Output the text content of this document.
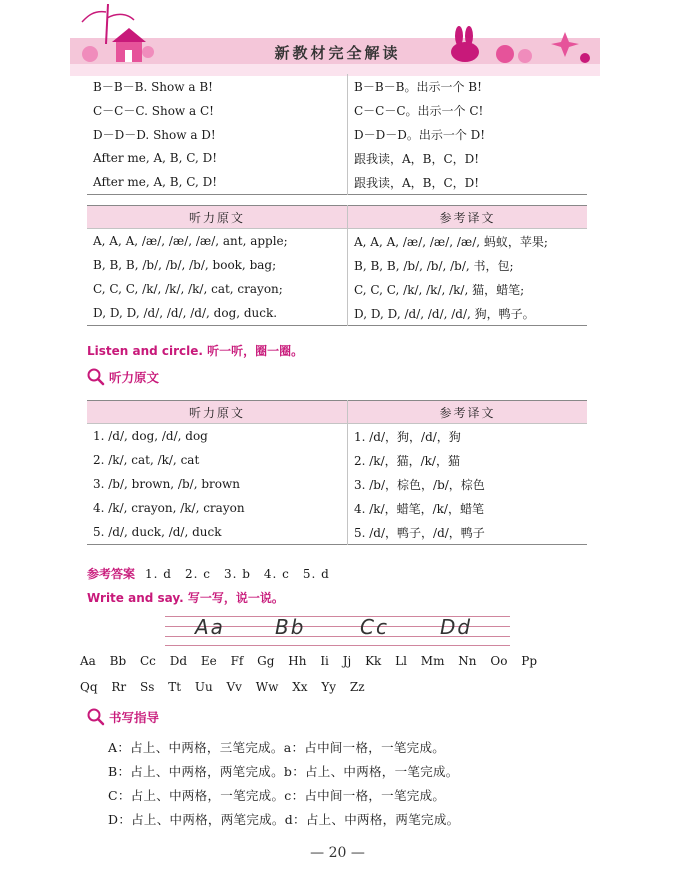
新教材完全解读
B－B－B. Show a B!	B－B－B。出示一个 B!
C－C－C. Show a C!	C－C－C。出示一个 C!
D－D－D. Show a D!	D－D－D。出示一个 D!
After me, A, B, C, D!	跟我读，A，B，C，D!
After me, A, B, C, D!	跟我读，A，B，C，D!
听力原文	参考译文
A, A, A, /æ/, /æ/, /æ/, ant, apple;	A, A, A, /æ/, /æ/, /æ/, 蚂蚁，苹果;
B, B, B, /b/, /b/, /b/, book, bag;	B, B, B, /b/, /b/, /b/, 书，包;
C, C, C, /k/, /k/, /k/, cat, crayon;	C, C, C, /k/, /k/, /k/, 猫，蜡笔;
D, D, D, /d/, /d/, /d/, dog, duck.	D, D, D, /d/, /d/, /d/, 狗，鸭子。
Listen and circle. 听一听，圈一圈。
听力原文
听力原文	参考译文
1. /d/, dog, /d/, dog	1. /d/，狗，/d/，狗
2. /k/, cat, /k/, cat	2. /k/，猫，/k/，猫
3. /b/, brown, /b/, brown	3. /b/，棕色，/b/，棕色
4. /k/, crayon, /k/, crayon	4. /k/，蜡笔，/k/，蜡笔
5. /d/, duck, /d/, duck	5. /d/，鸭子，/d/，鸭子
参考答案 1. d　2. c　3. b　4. c　5. d
Write and say. 写一写，说一说。
Aa	Bb	Cc	Dd
Aa Bb Cc Dd Ee Ff Gg Hh Ii Jj Kk Ll Mm Nn Oo Pp
Qq Rr Ss Tt Uu Vv Ww Xx Yy Zz
书写指导
A：占上、中两格，三笔完成。a：占中间一格，一笔完成。
B：占上、中两格，两笔完成。b：占上、中两格，一笔完成。
C：占上、中两格，一笔完成。c：占中间一格，一笔完成。
D：占上、中两格，两笔完成。d：占上、中两格，两笔完成。
— 20 —
